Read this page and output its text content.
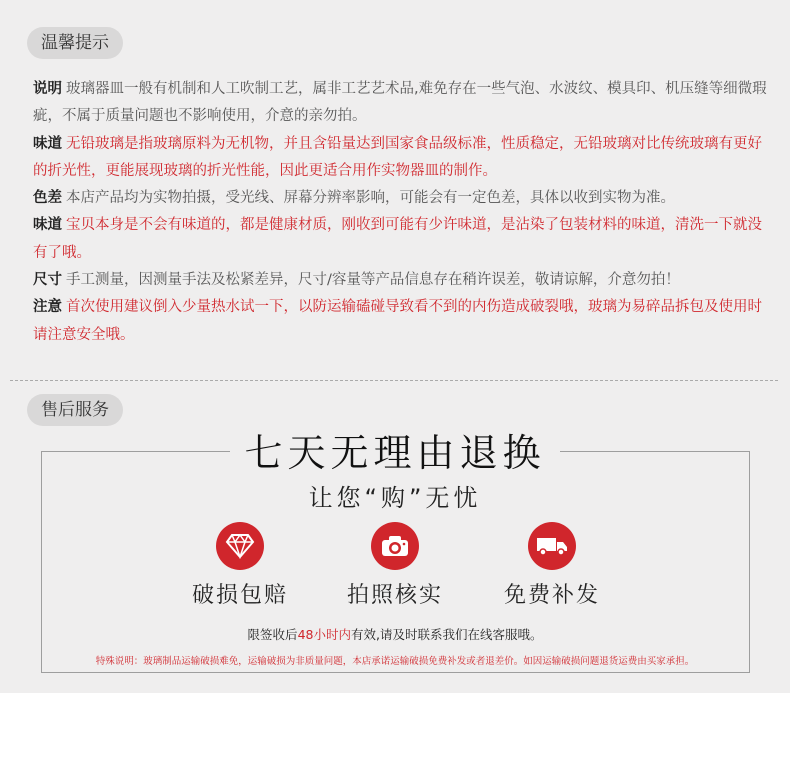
温馨提示
说明 玻璃器皿一般有机制和人工吹制工艺，属非工艺艺术品,难免存在一些气泡、水波纹、模具印、机压缝等细微瑕疵，不属于质量问题也不影响使用，介意的亲勿拍。
味道 无铅玻璃是指玻璃原料为无机物，并且含铅量达到国家食品级标准，性质稳定，无铅玻璃对比传统玻璃有更好的折光性，更能展现玻璃的折光性能，因此更适合用作实物器皿的制作。
色差 本店产品均为实物拍摄，受光线、屏幕分辨率影响，可能会有一定色差，具体以收到实物为准。
味道 宝贝本身是不会有味道的，都是健康材质，刚收到可能有少许味道，是沾染了包装材料的味道，清洗一下就没有了哦。
尺寸 手工测量，因测量手法及松紧差异，尺寸/容量等产品信息存在稍许误差，敬请谅解，介意勿拍！
注意 首次使用建议倒入少量热水试一下，以防运输磕碰导致看不到的内伤造成破裂哦，玻璃为易碎品拆包及使用时请注意安全哦。
售后服务
七天无理由退换
让您“购”无忧
破损包赔	拍照核实	免费补发
限签收后48小时内有效,请及时联系我们在线客服哦。
特殊说明：玻璃制品运输破损难免，运输破损为非质量问题，本店承诺运输破损免费补发或者退差价。如因运输破损问题退货运费由买家承担。
